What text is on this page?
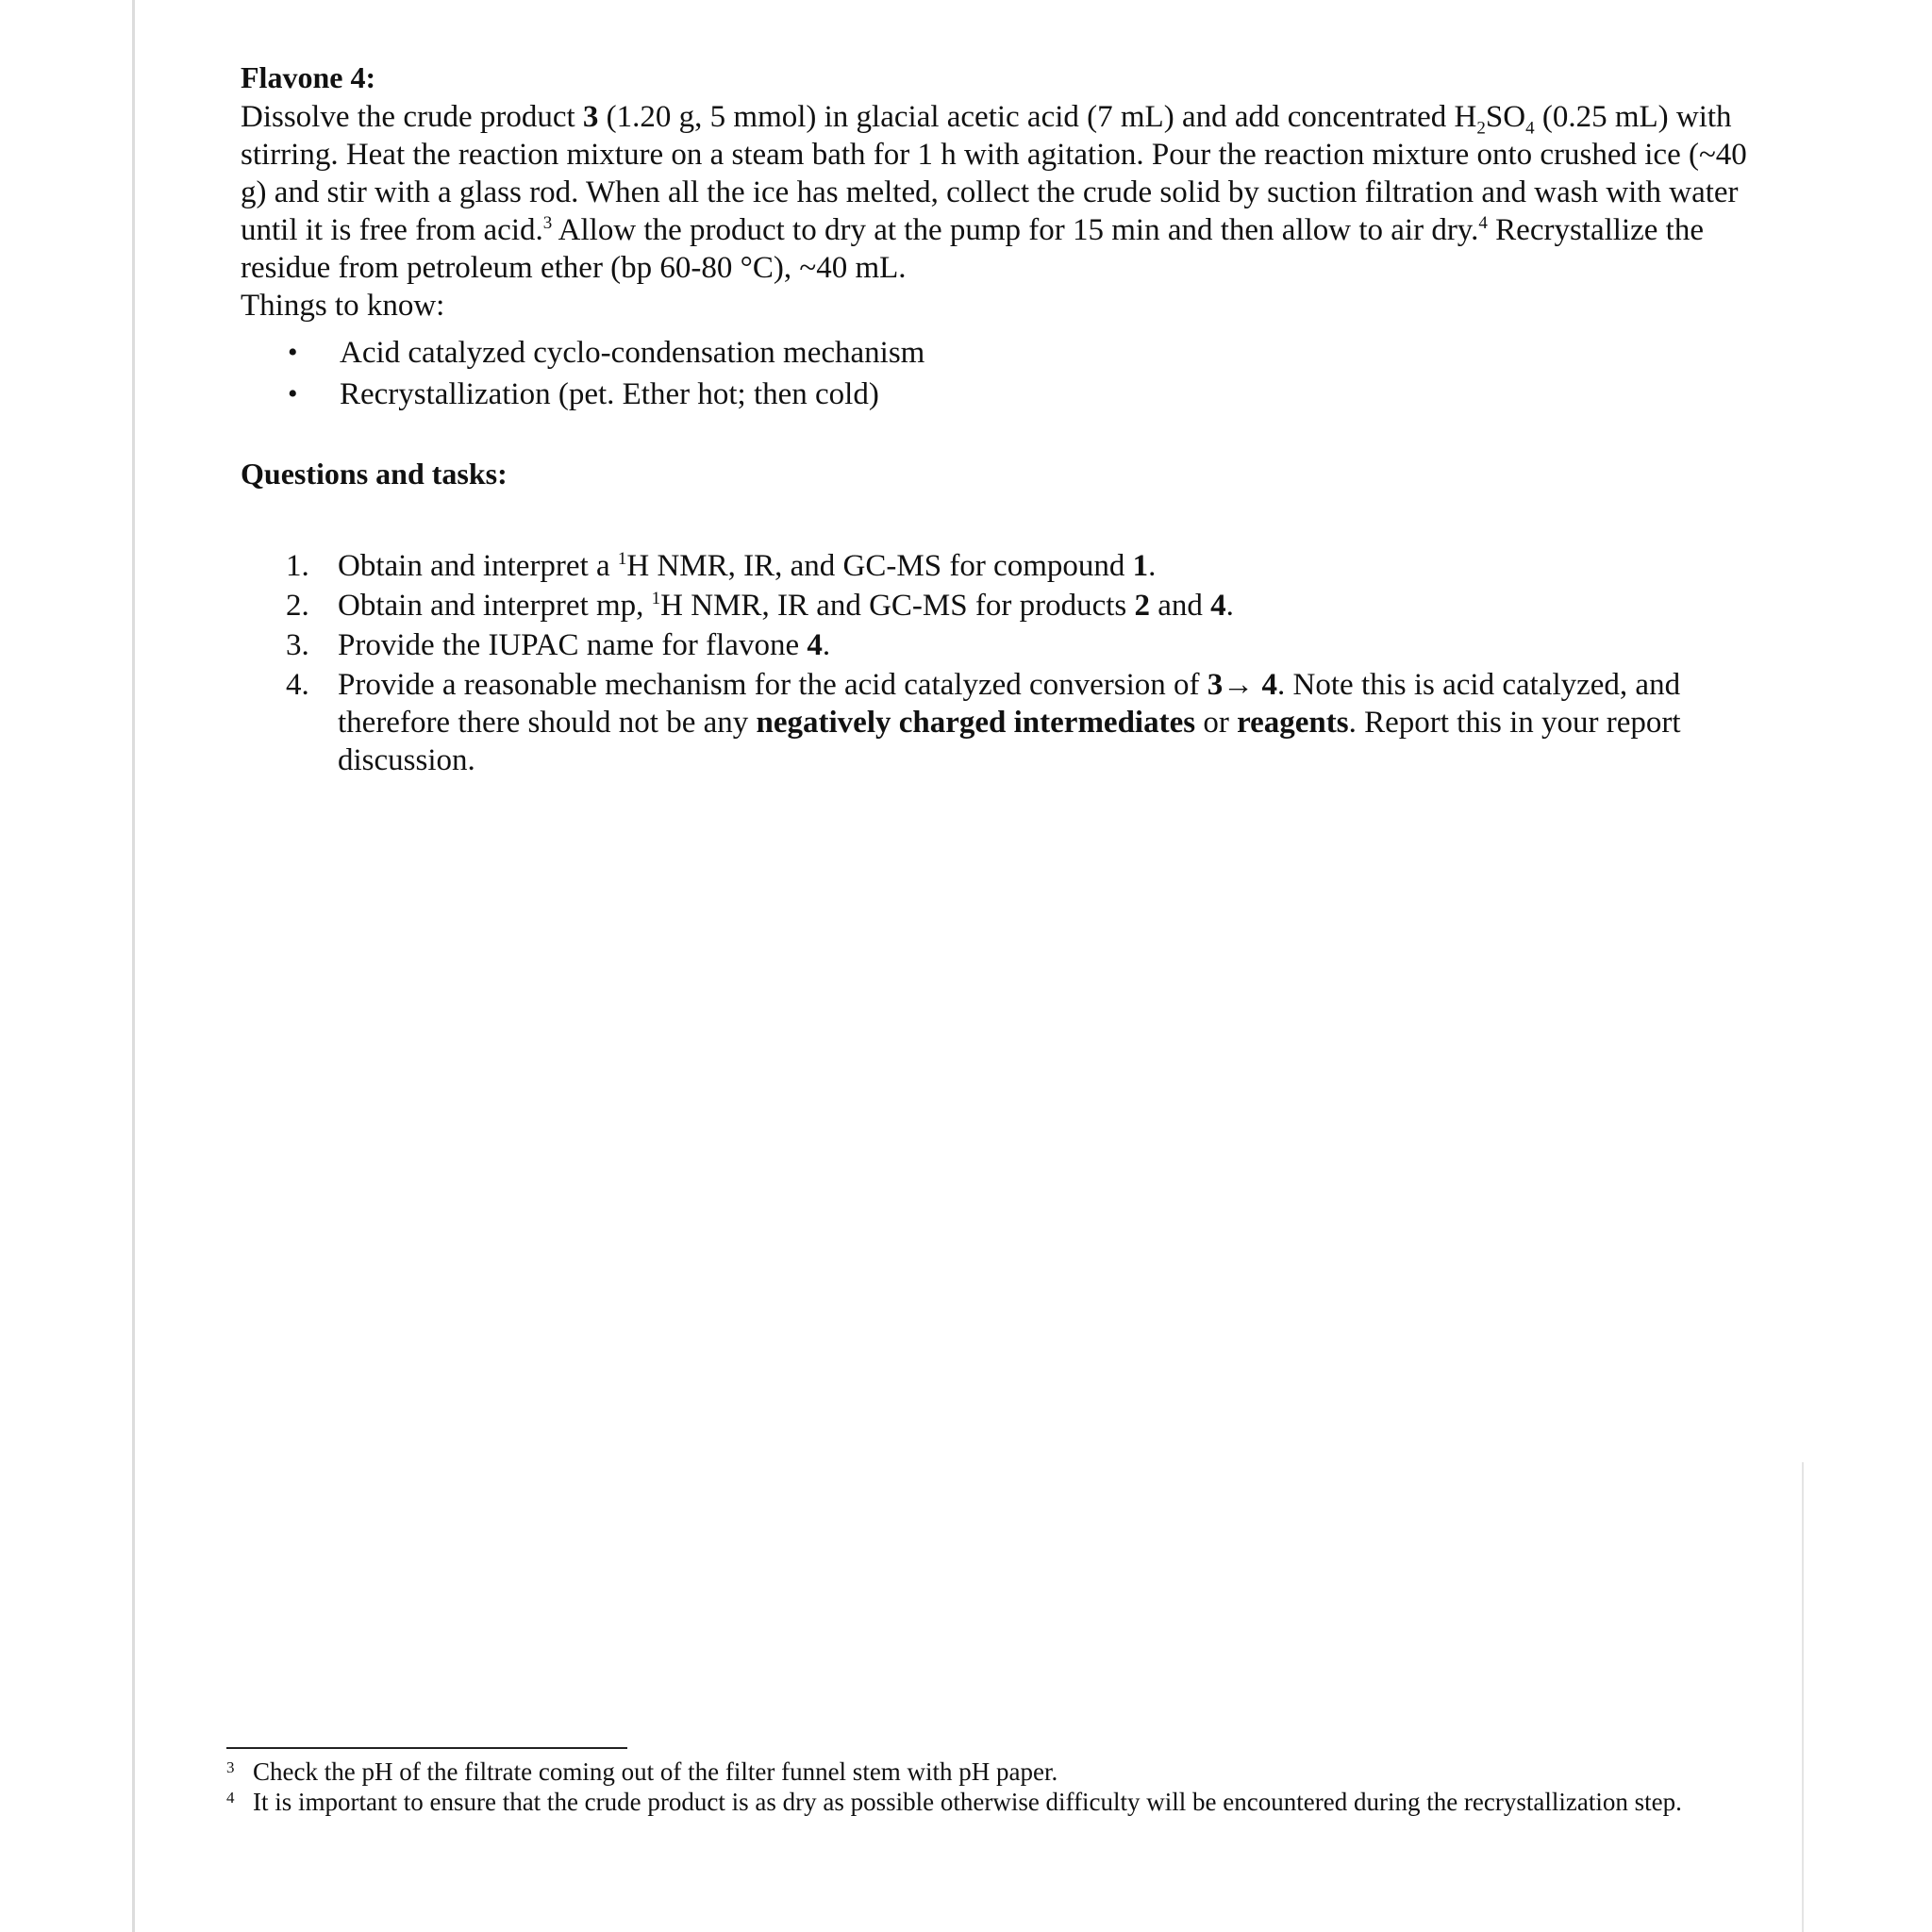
Flavone 4:

Dissolve the crude product 3 (1.20 g, 5 mmol) in glacial acetic acid (7 mL) and add concentrated $H_2SO_4$ (0.25 mL) with stirring. Heat the reaction mixture on a steam bath for 1 h with agitation. Pour the reaction mixture onto crushed ice (~40 g) and stir with a glass rod. When all the ice has melted, collect the crude solid by suction filtration and wash with water until it is free from acid.$^3$ Allow the product to dry at the pump for 15 min and then allow to air dry.$^4$ Recrystallize the residue from petroleum ether (bp 60-80 °C), ~40 mL.
Things to know:

• Acid catalyzed cyclo-condensation mechanism
• Recrystallization (pet. Ether hot; then cold)
Questions and tasks:
1. Obtain and interpret a $^1$H NMR, IR, and GC-MS for compound 1.
2. Obtain and interpret mp, $^1$H NMR, IR and GC-MS for products 2 and 4.
3. Provide the IUPAC name for flavone 4.
4. Provide a reasonable mechanism for the acid catalyzed conversion of 3→ 4. Note this is acid catalyzed, and therefore there should not be any negatively charged intermediates or reagents. Report this in your report discussion.
3 Check the pH of the filtrate coming out of the filter funnel stem with pH paper.
4 It is important to ensure that the crude product is as dry as possible otherwise difficulty will be encountered during the recrystallization step.
